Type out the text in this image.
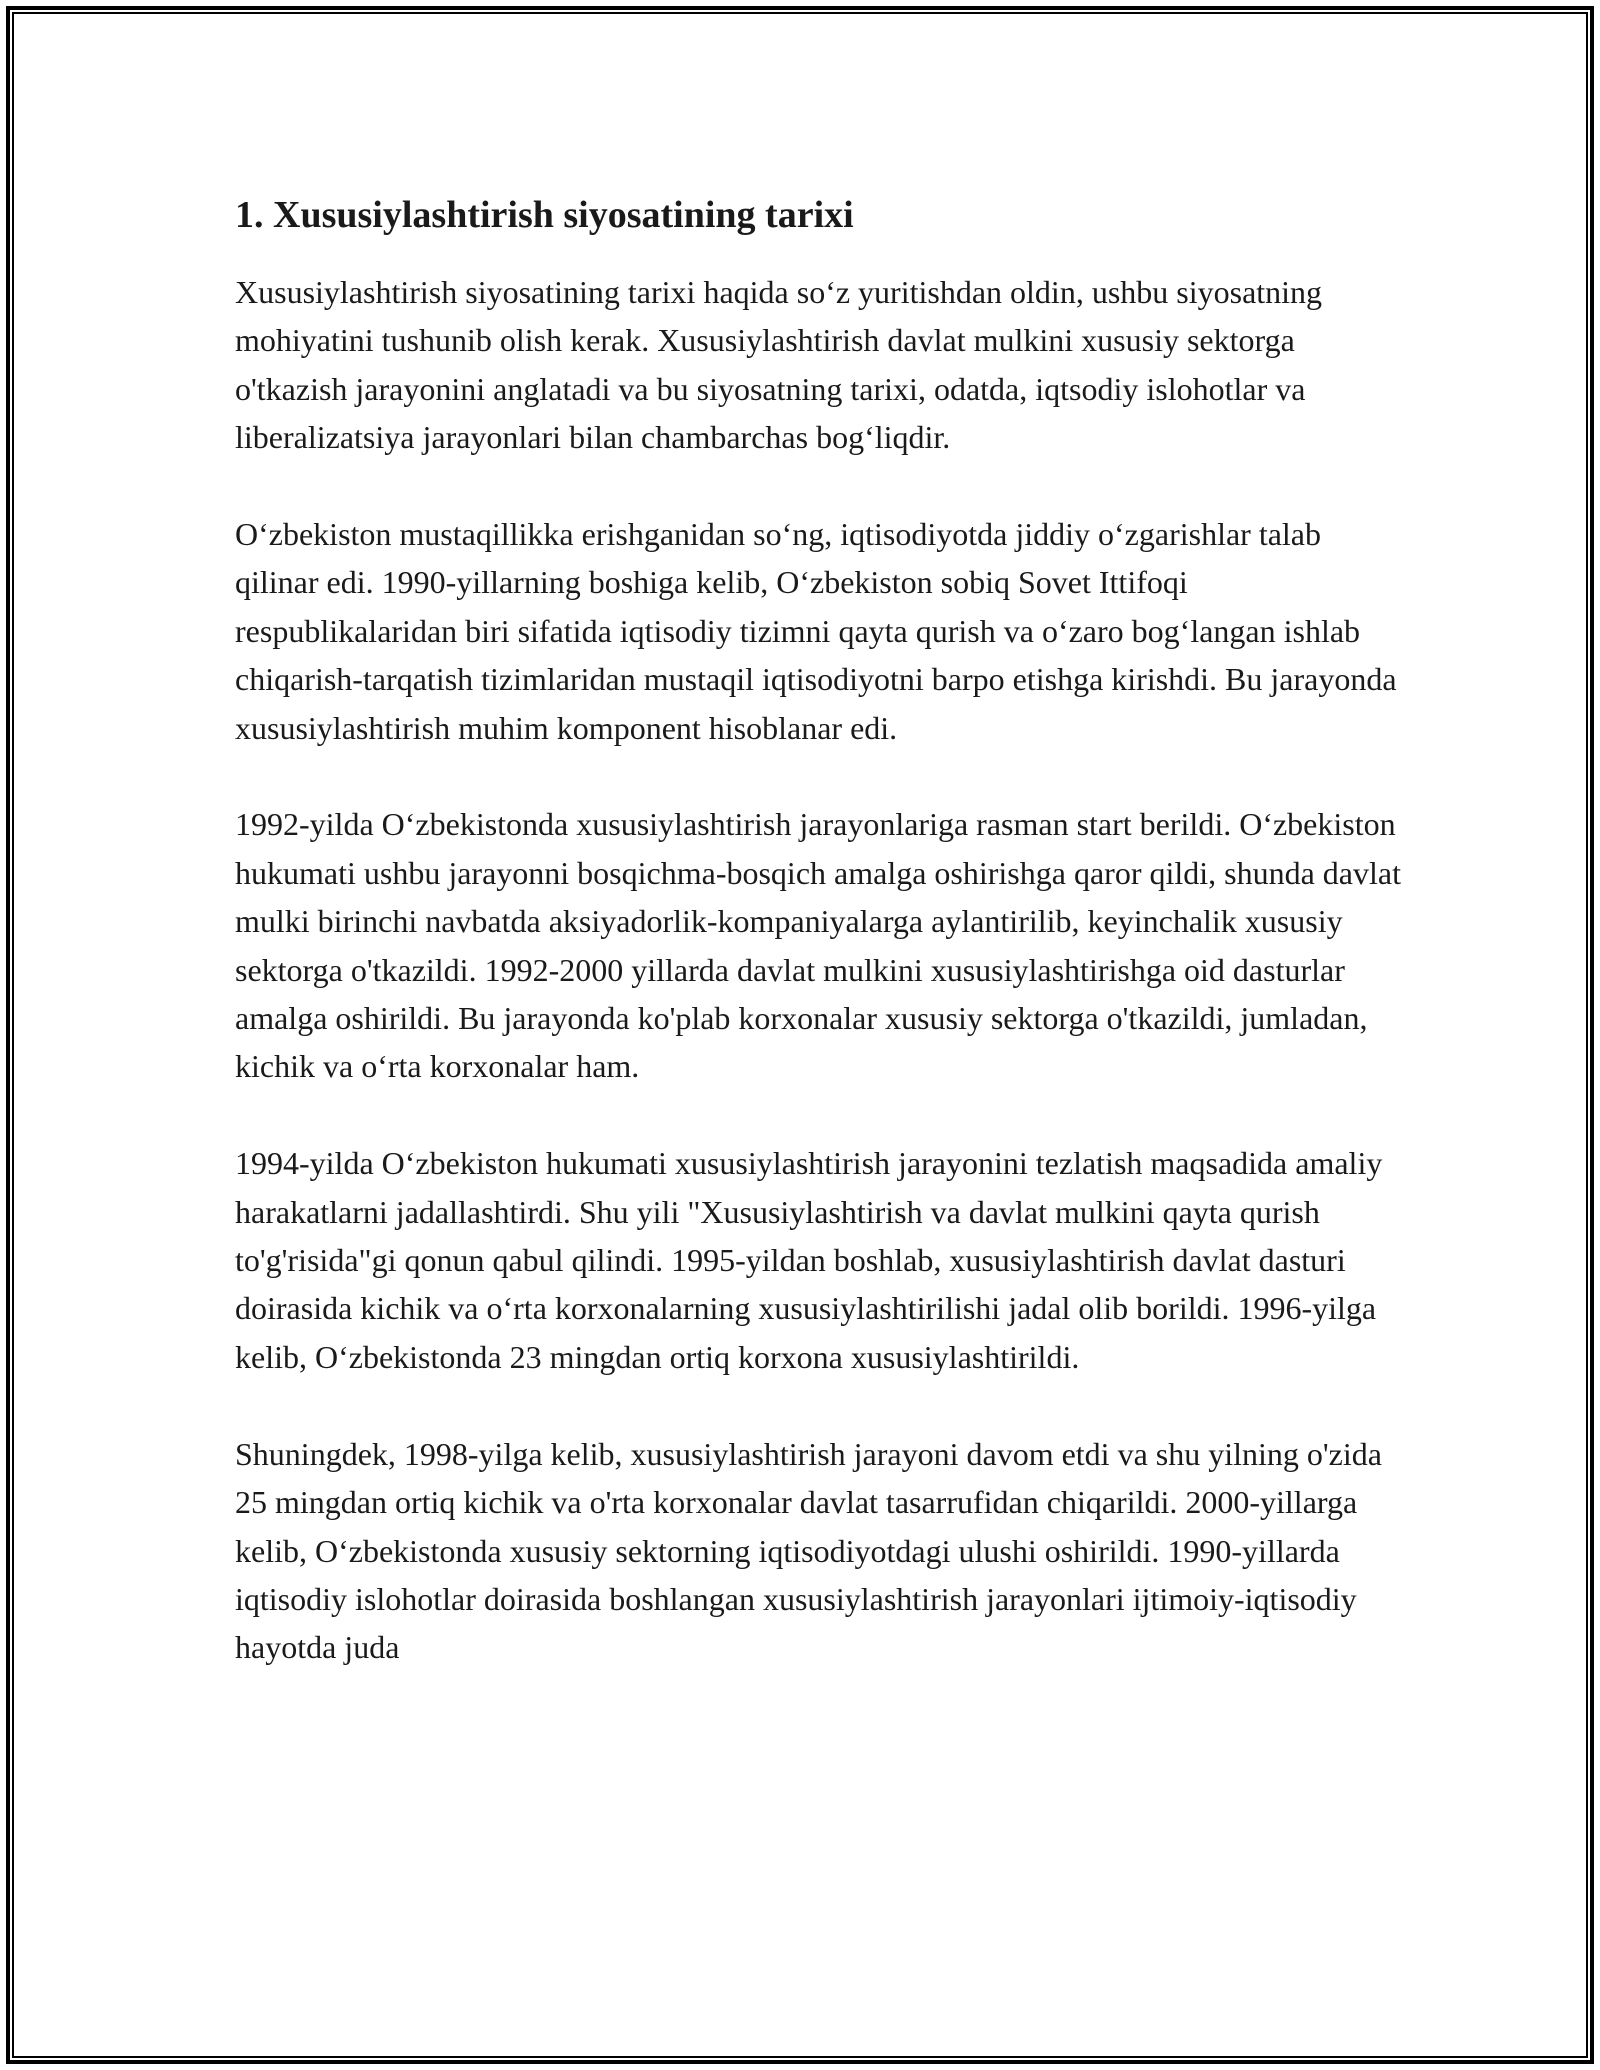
1. Xususiylashtirish siyosatining tarixi

Xususiylashtirish siyosatining tarixi haqida soʻz yuritishdan oldin, ushbu siyosatning mohiyatini tushunib olish kerak. Xususiylashtirish davlat mulkini xususiy sektorga o'tkazish jarayonini anglatadi va bu siyosatning tarixi, odatda, iqtsodiy islohotlar va liberalizatsiya jarayonlari bilan chambarchas bogʻliqdir.

Oʻzbekiston mustaqillikka erishganidan soʻng, iqtisodiyotda jiddiy oʻzgarishlar talab qilinar edi. 1990-yillarning boshiga kelib, Oʻzbekiston sobiq Sovet Ittifoqi respublikalaridan biri sifatida iqtisodiy tizimni qayta qurish va oʻzaro bogʻlangan ishlab chiqarish-tarqatish tizimlaridan mustaqil iqtisodiyotni barpo etishga kirishdi. Bu jarayonda xususiylashtirish muhim komponent hisoblanar edi.

1992-yilda Oʻzbekistonda xususiylashtirish jarayonlariga rasman start berildi. Oʻzbekiston hukumati ushbu jarayonni bosqichma-bosqich amalga oshirishga qaror qildi, shunda davlat mulki birinchi navbatda aksiyadorlik-kompaniyalarga aylantirilib, keyinchalik xususiy sektorga o'tkazildi. 1992-2000 yillarda davlat mulkini xususiylashtirishga oid dasturlar amalga oshirildi. Bu jarayonda ko'plab korxonalar xususiy sektorga o'tkazildi, jumladan, kichik va oʻrta korxonalar ham.

1994-yilda Oʻzbekiston hukumati xususiylashtirish jarayonini tezlatish maqsadida amaliy harakatlarni jadallashtirdi. Shu yili "Xususiylashtirish va davlat mulkini qayta qurish to'g'risida"gi qonun qabul qilindi. 1995-yildan boshlab, xususiylashtirish davlat dasturi doirasida kichik va oʻrta korxonalarning xususiylashtirilishi jadal olib borildi. 1996-yilga kelib, Oʻzbekistonda 23 mingdan ortiq korxona xususiylashtirildi.

Shuningdek, 1998-yilga kelib, xususiylashtirish jarayoni davom etdi va shu yilning o'zida 25 mingdan ortiq kichik va o'rta korxonalar davlat tasarrufidan chiqarildi. 2000-yillarga kelib, Oʻzbekistonda xususiy sektorning iqtisodiyotdagi ulushi oshirildi. 1990-yillarda iqtisodiy islohotlar doirasida boshlangan xususiylashtirish jarayonlari ijtimoiy-iqtisodiy hayotda juda
